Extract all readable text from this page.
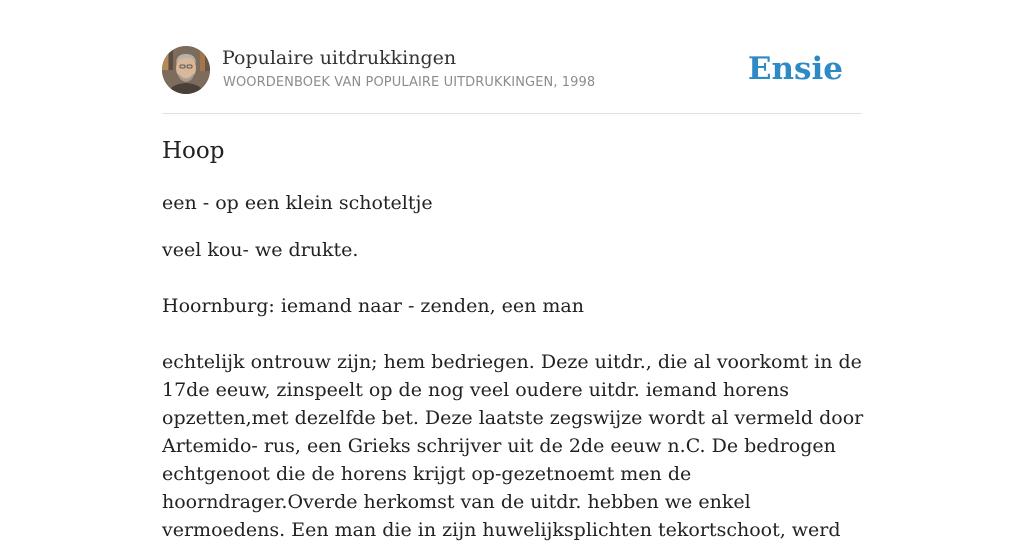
Populaire uitdrukkingen
WOORDENBOEK VAN POPULAIRE UITDRUKKINGEN, 1998	Ensie
Hoop

een - op een klein schoteltje

veel kou- we drukte.

Hoornburg: iemand naar - zenden, een man

echtelijk ontrouw zijn; hem bedriegen. Deze uitdr., die al voorkomt in de 17de eeuw, zinspeelt op de nog veel oudere uitdr. iemand horens opzetten,met dezelfde bet. Deze laatste zegswijze wordt al vermeld door Artemido- rus, een Grieks schrijver uit de 2de eeuw n.C. De bedrogen echtgenoot die de horens krijgt op-gezetnoemt men de hoorndrager.Overde herkomst van de uitdr. hebben we enkel vermoedens. Een man die in zijn huwelijksplichten tekortschoot, werd
